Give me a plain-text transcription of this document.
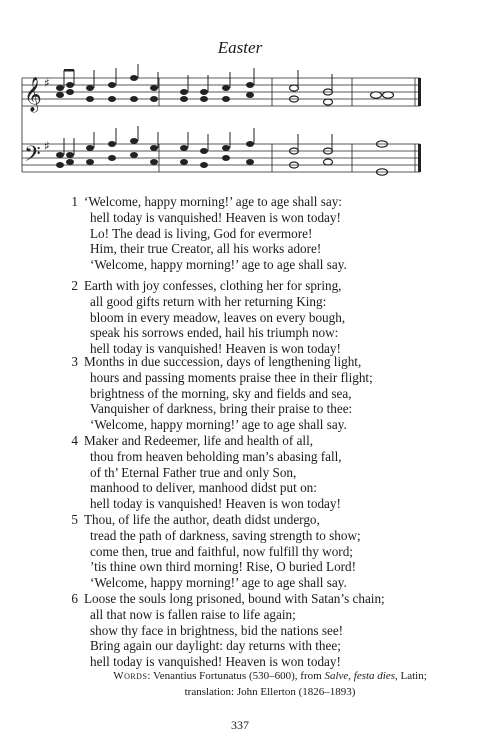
Easter
𝄞
𝄢
♯
♯
1 ‘Welcome, happy morning!’ age to age shall say:
hell today is vanquished! Heaven is won today!
Lo! The dead is living, God for evermore!
Him, their true Creator, all his works adore!
‘Welcome, happy morning!’ age to age shall say.
2 Earth with joy confesses, clothing her for spring,
all good gifts return with her returning King:
bloom in every meadow, leaves on every bough,
speak his sorrows ended, hail his triumph now:
hell today is vanquished! Heaven is won today!
3 Months in due succession, days of lengthening light,
hours and passing moments praise thee in their flight;
brightness of the morning, sky and fields and sea,
Vanquisher of darkness, bring their praise to thee:
‘Welcome, happy morning!’ age to age shall say.
4 Maker and Redeemer, life and health of all,
thou from heaven beholding man’s abasing fall,
of th’ Eternal Father true and only Son,
manhood to deliver, manhood didst put on:
hell today is vanquished! Heaven is won today!
5 Thou, of life the author, death didst undergo,
tread the path of darkness, saving strength to show;
come then, true and faithful, now fulfill thy word;
’tis thine own third morning! Rise, O buried Lord!
‘Welcome, happy morning!’ age to age shall say.
6 Loose the souls long prisoned, bound with Satan’s chain;
all that now is fallen raise to life again;
show thy face in brightness, bid the nations see!
Bring again our daylight: day returns with thee;
hell today is vanquished! Heaven is won today!
Words: Venantius Fortunatus (530–600), from Salve, festa dies, Latin;
translation: John Ellerton (1826–1893)
337
